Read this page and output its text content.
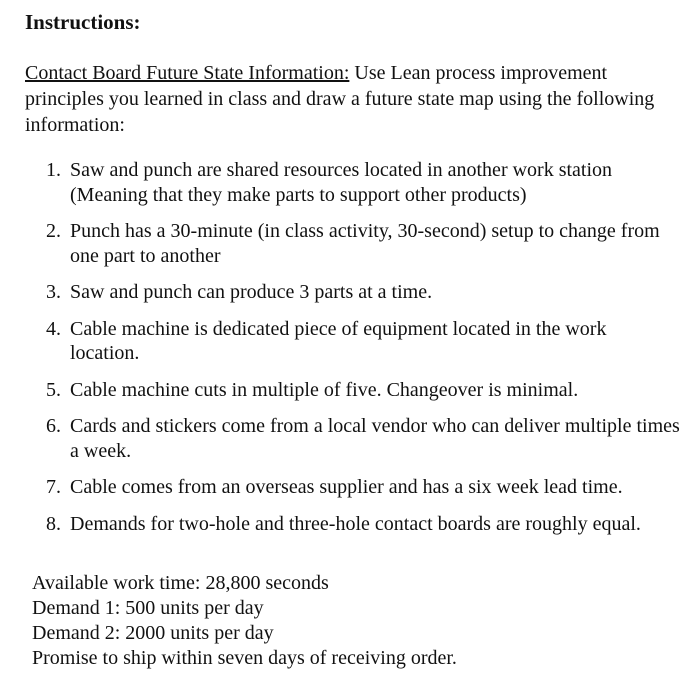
Instructions:
Contact Board Future State Information: Use Lean process improvement principles you learned in class and draw a future state map using the following information:
1. Saw and punch are shared resources located in another work station (Meaning that they make parts to support other products)
2. Punch has a 30-minute (in class activity, 30-second) setup to change from one part to another
3. Saw and punch can produce 3 parts at a time.
4. Cable machine is dedicated piece of equipment located in the work location.
5. Cable machine cuts in multiple of five. Changeover is minimal.
6. Cards and stickers come from a local vendor who can deliver multiple times a week.
7. Cable comes from an overseas supplier and has a six week lead time.
8. Demands for two-hole and three-hole contact boards are roughly equal.
Available work time: 28,800 seconds
Demand 1: 500 units per day
Demand 2: 2000 units per day
Promise to ship within seven days of receiving order.
